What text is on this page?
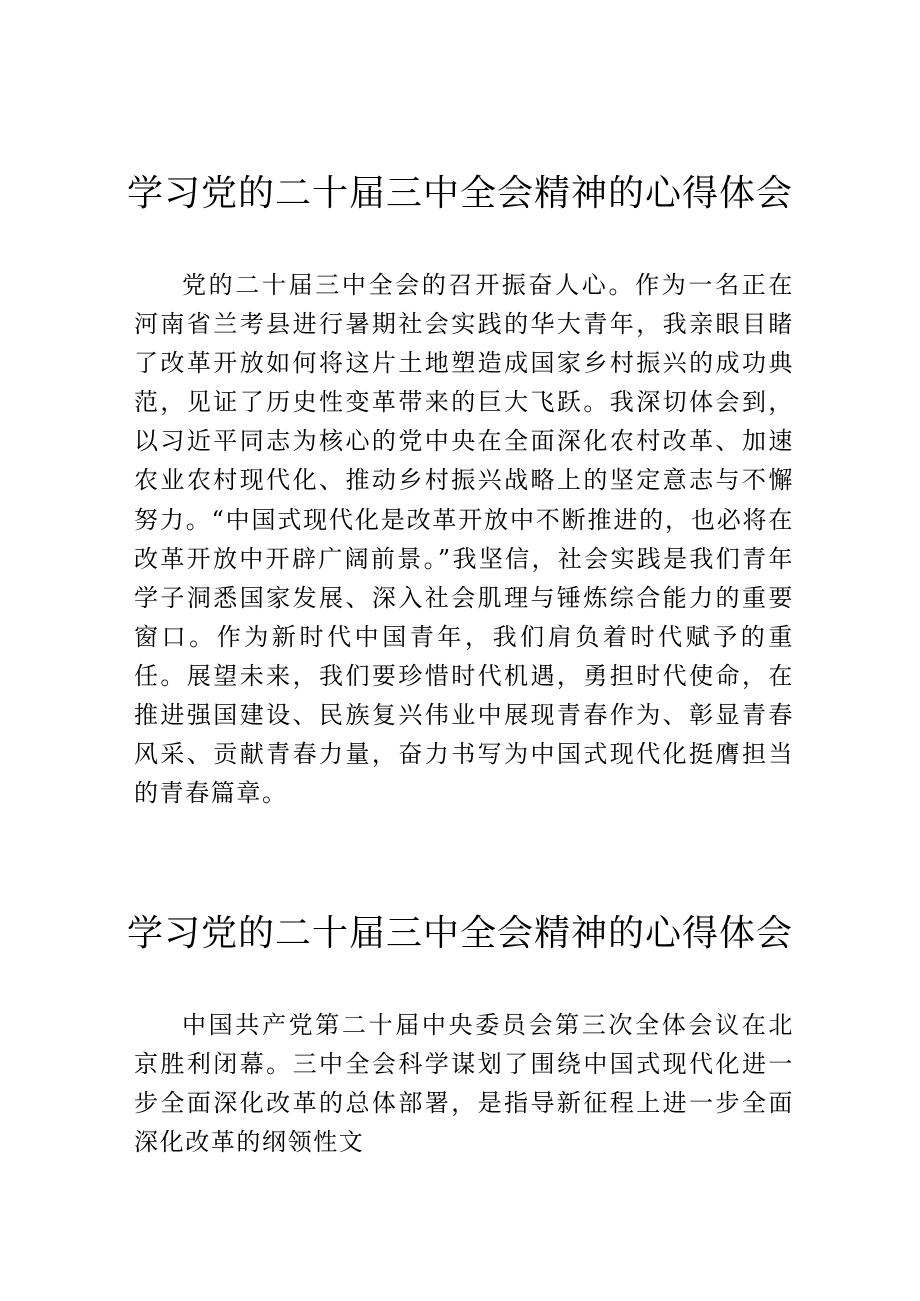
学习党的二十届三中全会精神的心得体会

党的二十届三中全会的召开振奋人心。作为一名正在河南省兰考县进行暑期社会实践的华大青年，我亲眼目睹了改革开放如何将这片土地塑造成国家乡村振兴的成功典范，见证了历史性变革带来的巨大飞跃。我深切体会到，以习近平同志为核心的党中央在全面深化农村改革、加速农业农村现代化、推动乡村振兴战略上的坚定意志与不懈努力。“中国式现代化是改革开放中不断推进的，也必将在改革开放中开辟广阔前景。”我坚信，社会实践是我们青年学子洞悉国家发展、深入社会肌理与锤炼综合能力的重要窗口。作为新时代中国青年，我们肩负着时代赋予的重任。展望未来，我们要珍惜时代机遇，勇担时代使命，在推进强国建设、民族复兴伟业中展现青春作为、彰显青春风采、贡献青春力量，奋力书写为中国式现代化挺膺担当的青春篇章。

学习党的二十届三中全会精神的心得体会

中国共产党第二十届中央委员会第三次全体会议在北京胜利闭幕。三中全会科学谋划了围绕中国式现代化进一步全面深化改革的总体部署，是指导新征程上进一步全面深化改革的纲领性文
